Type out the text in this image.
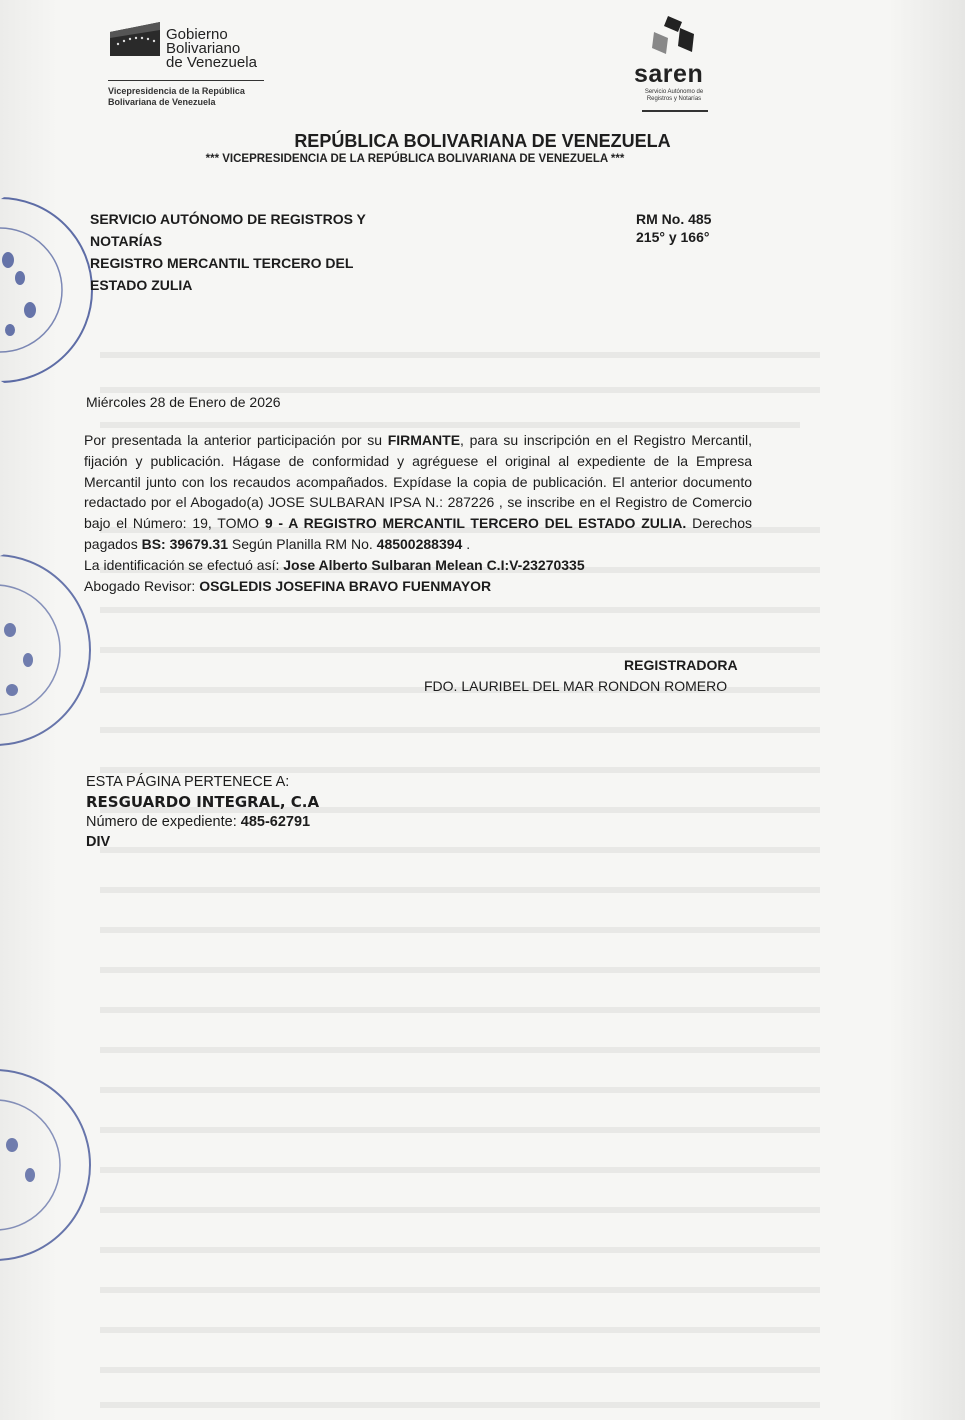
Gobierno
Bolivariano
de Venezuela
Vicepresidencia de la República
Bolivariana de Venezuela
saren
Servicio Autónomo de
Registros y Notarías
REPÚBLICA BOLIVARIANA DE VENEZUELA
*** VICEPRESIDENCIA DE LA REPÚBLICA BOLIVARIANA DE VENEZUELA ***
SERVICIO AUTÓNOMO DE REGISTROS Y
NOTARÍAS
REGISTRO MERCANTIL TERCERO DEL
ESTADO ZULIA
RM No. 485
215° y 166°
Miércoles 28 de Enero de 2026
Por presentada la anterior participación por su FIRMANTE, para su inscripción en el Registro Mercantil, fijación y publicación. Hágase de conformidad y agréguese el original al expediente de la Empresa Mercantil junto con los recaudos acompañados. Expídase la copia de publicación. El anterior documento redactado por el Abogado(a) JOSE SULBARAN IPSA N.: 287226 , se inscribe en el Registro de Comercio bajo el Número: 19, TOMO 9 - A REGISTRO MERCANTIL TERCERO DEL ESTADO ZULIA. Derechos pagados BS: 39679.31 Según Planilla RM No. 48500288394 .
La identificación se efectuó así: Jose Alberto Sulbaran Melean C.I:V-23270335
Abogado Revisor: OSGLEDIS JOSEFINA BRAVO FUENMAYOR
REGISTRADORA
FDO. LAURIBEL DEL MAR RONDON ROMERO
ESTA PÁGINA PERTENECE A:
RESGUARDO INTEGRAL, C.A
Número de expediente: 485-62791
DIV
